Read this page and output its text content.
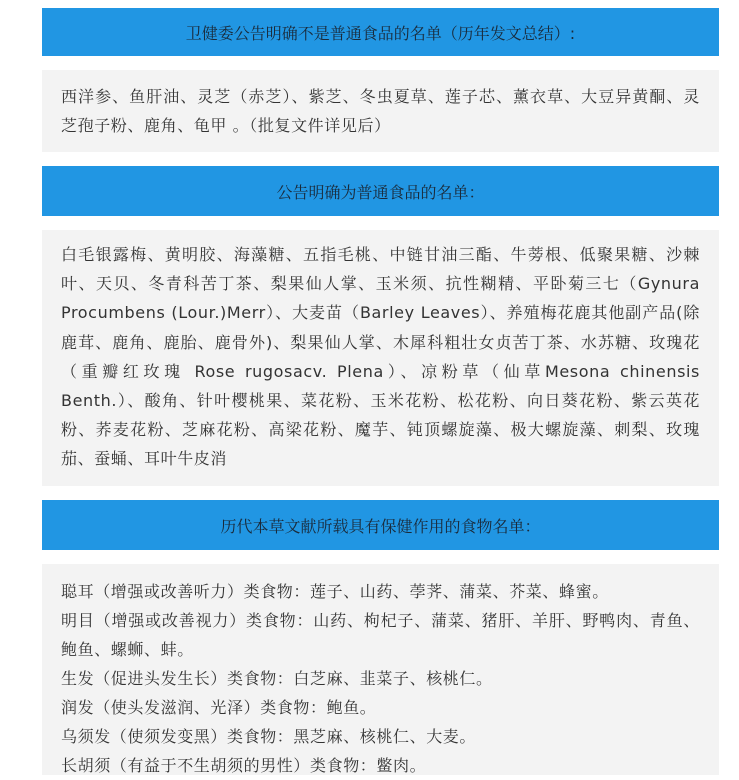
卫健委公告明确不是普通食品的名单（历年发文总结）:
西洋参、鱼肝油、灵芝（赤芝）、紫芝、冬虫夏草、莲子芯、薰衣草、大豆异黄酮、灵芝孢子粉、鹿角、龟甲 。（批复文件详见后）
公告明确为普通食品的名单：
白毛银露梅、黄明胶、海藻糖、五指毛桃、中链甘油三酯、牛蒡根、低聚果糖、沙棘叶、天贝、冬青科苦丁茶、梨果仙人掌、玉米须、抗性糊精、平卧菊三七（Gynura Procumbens (Lour.)Merr）、大麦苗（Barley Leaves）、养殖梅花鹿其他副产品(除鹿茸、鹿角、鹿胎、鹿骨外)、梨果仙人掌、木犀科粗壮女贞苦丁茶、水苏糖、玫瑰花（重瓣红玫瑰 Rose rugosacv. Plena）、凉粉草（仙草Mesona chinensis Benth.）、酸角、针叶樱桃果、菜花粉、玉米花粉、松花粉、向日葵花粉、紫云英花粉、荞麦花粉、芝麻花粉、高梁花粉、魔芋、钝顶螺旋藻、极大螺旋藻、刺梨、玫瑰茄、蚕蛹、耳叶牛皮消
历代本草文献所载具有保健作用的食物名单：
聪耳（增强或改善听力）类食物：莲子、山药、荸荠、蒲菜、芥菜、蜂蜜。
明目（增强或改善视力）类食物：山药、枸杞子、蒲菜、猪肝、羊肝、野鸭肉、青鱼、鲍鱼、螺蛳、蚌。
生发（促进头发生长）类食物：白芝麻、韭菜子、核桃仁。
润发（使头发滋润、光泽）类食物：鲍鱼。
乌须发（使须发变黑）类食物：黑芝麻、核桃仁、大麦。
长胡须（有益于不生胡须的男性）类食物：鳖肉。
